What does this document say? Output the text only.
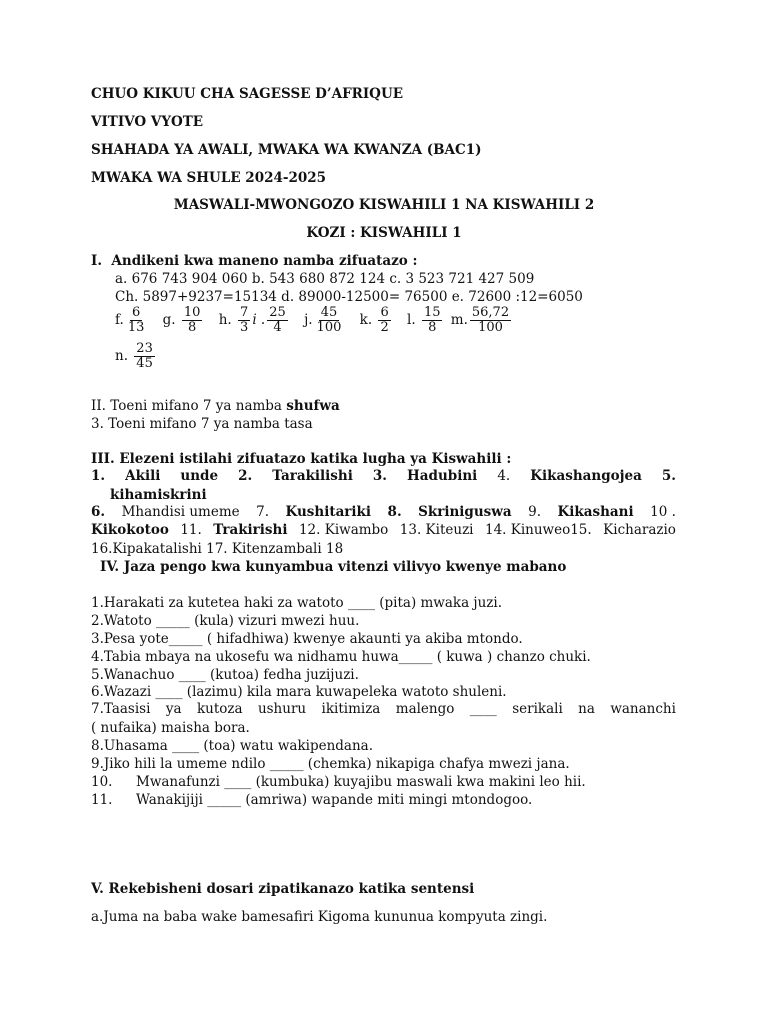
CHUO KIKUU CHA SAGESSE D’AFRIQUE
VITIVO VYOTE
SHAHADA YA AWALI, MWAKA WA KWANZA (BAC1)
MWAKA WA SHULE 2024-2025
MASWALI-MWONGOZO KISWAHILI 1 NA KISWAHILI 2
KOZI : KISWAHILI 1
I. Andikeni kwa maneno namba zifuatazo :
a. 676 743 904 060 b. 543 680 872 124 c. 3 523 721 427 509
Ch. 5897+9237=15134 d. 89000-12500= 76500 e. 72600 :12=6050
f. $\frac{6}{13} g$. $\frac{10}{8} h$. $\frac{7}{3}$ i . $\frac{25}{4} j$. $\frac{45}{100} k$. $\frac{6}{2} l$. $\frac{15}{8} m$. $\frac{56,72}{100}$
n. $\frac{23}{45}$
II. Toeni mifano 7 ya namba shufwa
3. Toeni mifano 7 ya namba tasa
III. Elezeni istilahi zifuatazo katika lugha ya Kiswahili :
1. Akili unde 2. Tarakilishi 3. Hadubini 4. Kikashangojea 5.
kihamiskrini
6. Mhandisi umeme 7. Kushitariki 8. Skriniguswa 9. Kikashani 10 .
Kikokotoo 11. Trakirishi 12. Kiwambo 13. Kiteuzi 14. Kinuweo15. Kicharazio
16.Kipakatalishi 17. Kitenzambali 18
IV. Jaza pengo kwa kunyambua vitenzi vilivyo kwenye mabano
1.Harakati za kutetea haki za watoto ____ (pita) mwaka juzi.
2.Watoto _____ (kula) vizuri mwezi huu.
3.Pesa yote_____ ( hifadhiwa) kwenye akaunti ya akiba mtondo.
4.Tabia mbaya na ukosefu wa nidhamu huwa_____ ( kuwa ) chanzo chuki.
5.Wanachuo ____ (kutoa) fedha juzijuzi.
6.Wazazi ____ (lazimu) kila mara kuwapeleka watoto shuleni.
7.Taasisi ya kutoza ushuru ikitimiza malengo ____ serikali na wananchi
( nufaika) maisha bora.
8.Uhasama ____ (toa) watu wakipendana.
9.Jiko hili la umeme ndilo _____ (chemka) nikapiga chafya mwezi jana.
10. Mwanafunzi ____ (kumbuka) kuyajibu maswali kwa makini leo hii.
11. Wanakijiji _____ (amriwa) wapande miti mingi mtondogoo.
V. Rekebisheni dosari zipatikanazo katika sentensi
a.Juma na baba wake bamesafiri Kigoma kununua kompyuta zingi.
